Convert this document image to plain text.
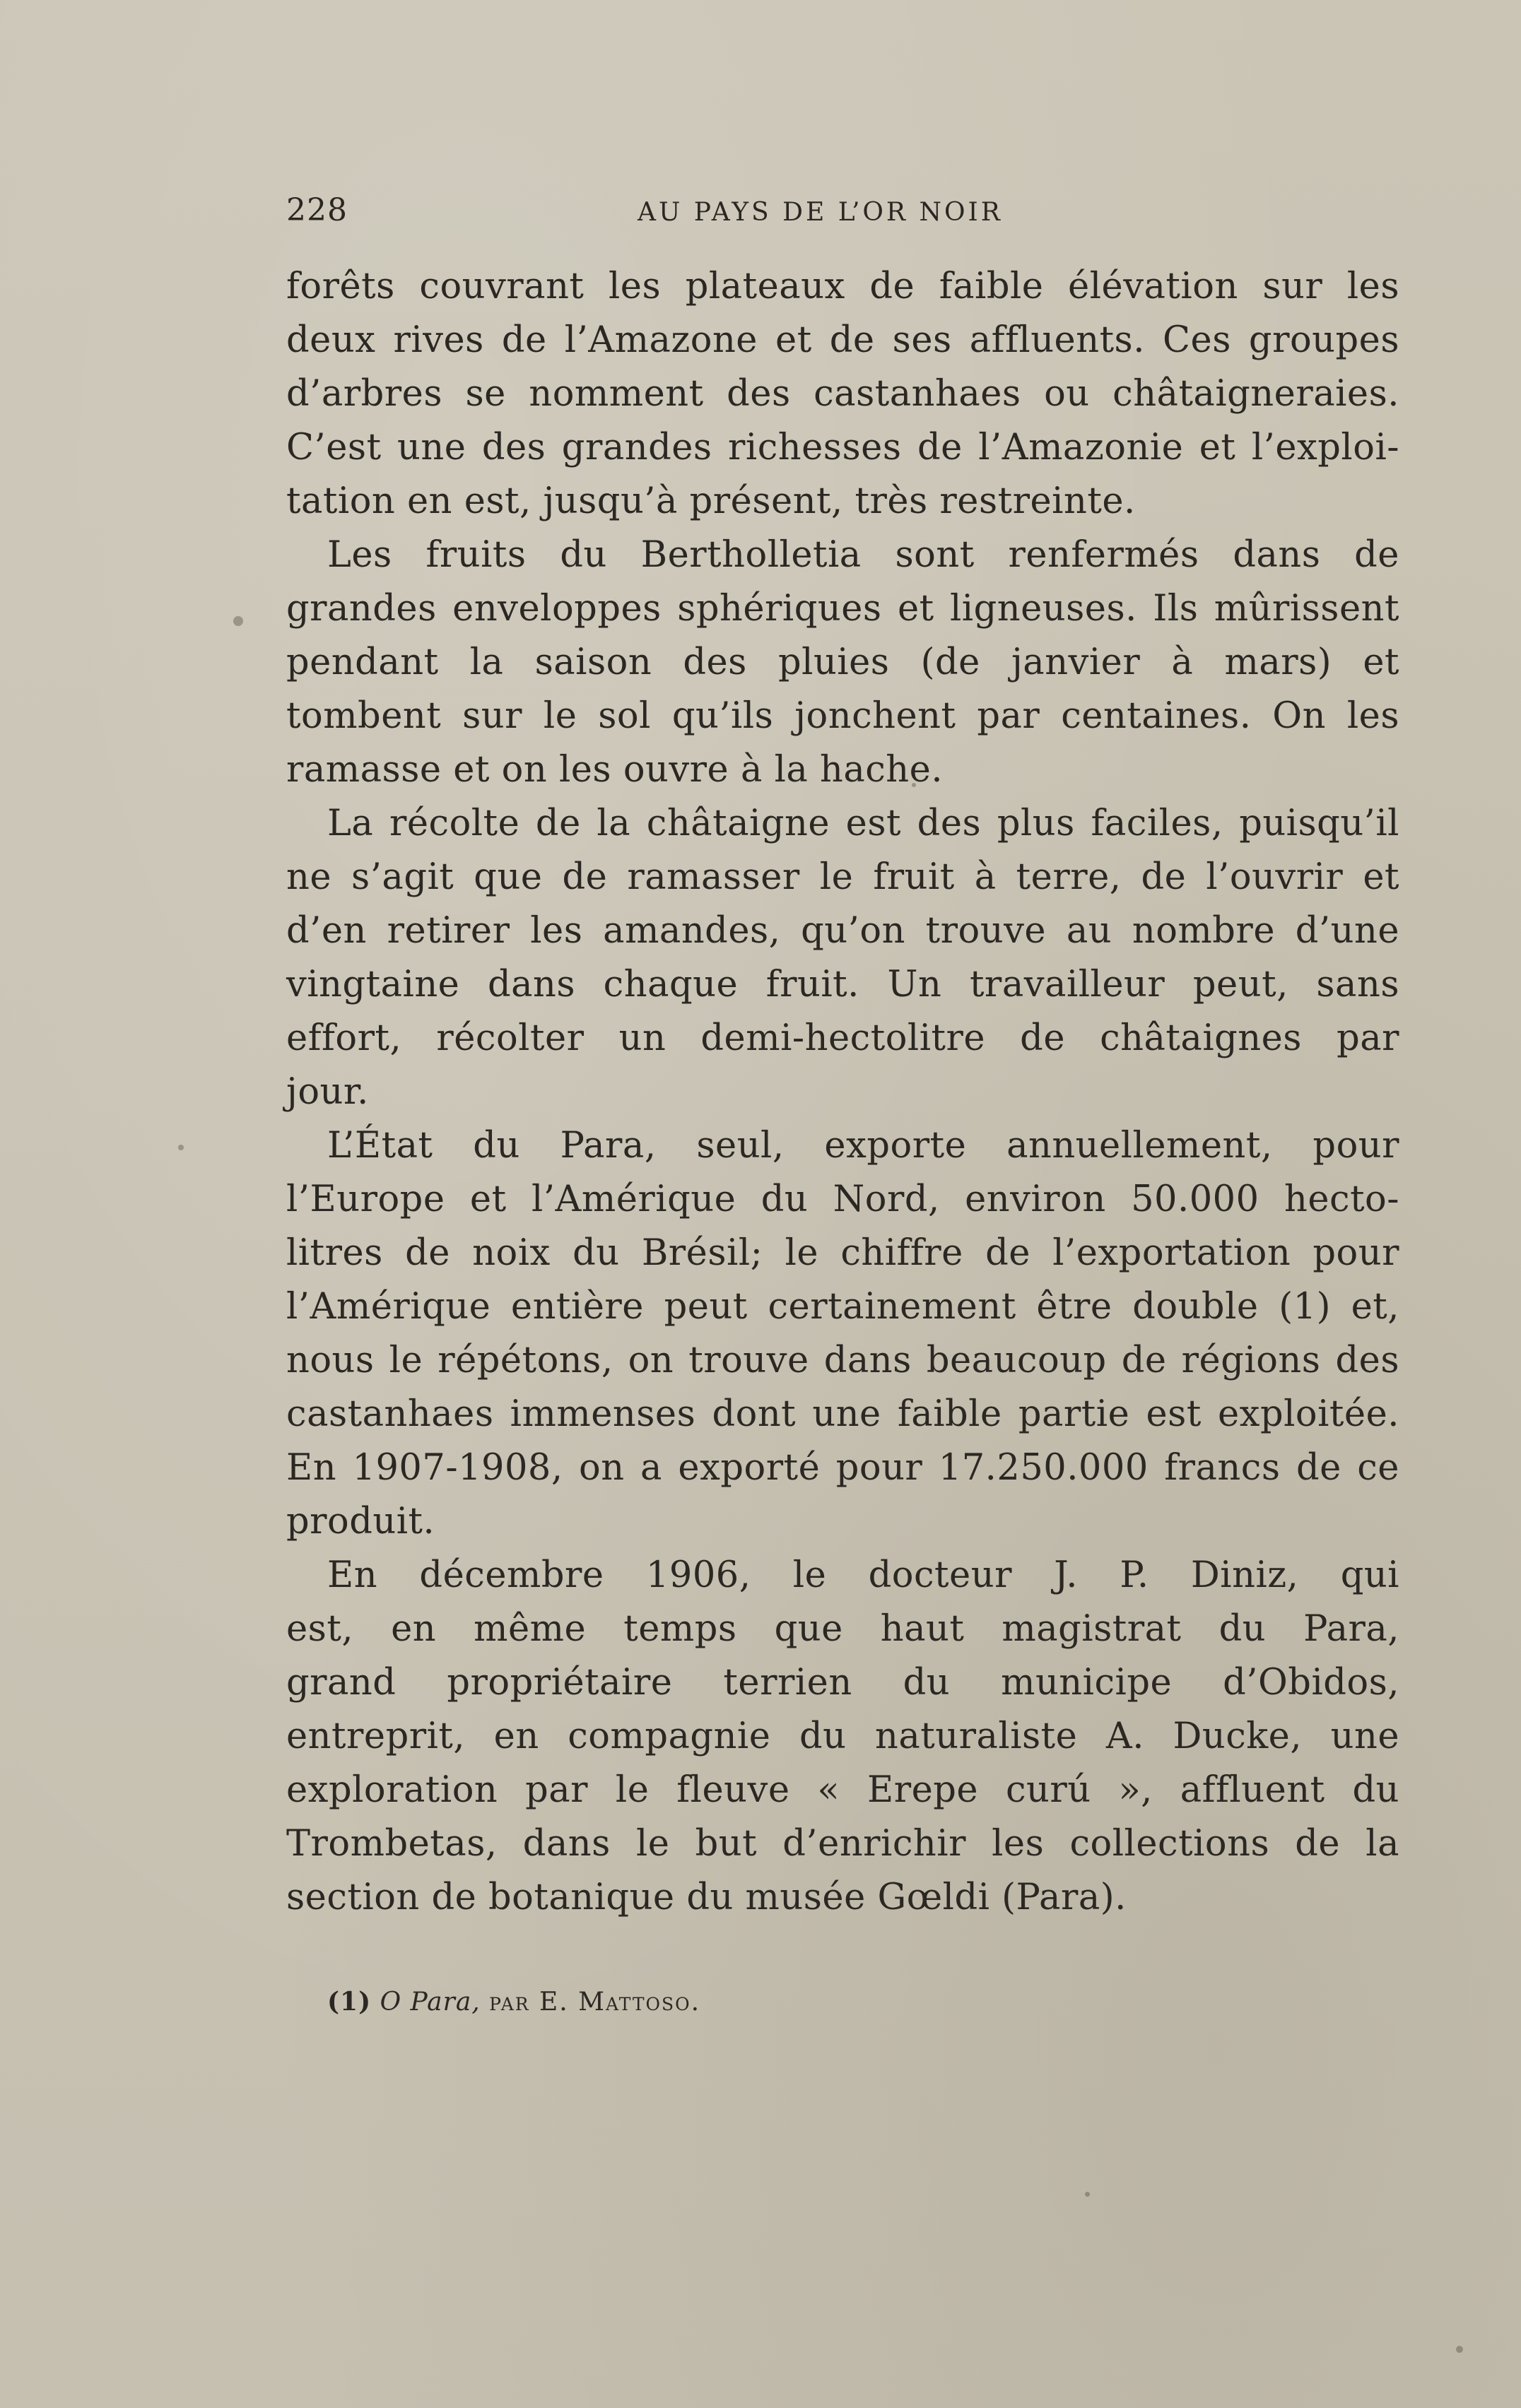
228	AU PAYS DE L’OR NOIR
forêts couvrant les plateaux de faible élévation sur les
deux rives de l’Amazone et de ses affluents. Ces groupes
d’arbres se nomment des castanhaes ou châtaigneraies.
C’est une des grandes richesses de l’Amazonie et l’exploi-
tation en est, jusqu’à présent, très restreinte.
Les fruits du Bertholletia sont renfermés dans de
grandes enveloppes sphériques et ligneuses. Ils mûrissent
pendant la saison des pluies (de janvier à mars) et
tombent sur le sol qu’ils jonchent par centaines. On les
ramasse et on les ouvre à la hache.
La récolte de la châtaigne est des plus faciles, puisqu’il
ne s’agit que de ramasser le fruit à terre, de l’ouvrir et
d’en retirer les amandes, qu’on trouve au nombre d’une
vingtaine dans chaque fruit. Un travailleur peut, sans
effort, récolter un demi-hectolitre de châtaignes par
jour.
L’État du Para, seul, exporte annuellement, pour
l’Europe et l’Amérique du Nord, environ 50.000 hecto-
litres de noix du Brésil; le chiffre de l’exportation pour
l’Amérique entière peut certainement être double (1) et,
nous le répétons, on trouve dans beaucoup de régions des
castanhaes immenses dont une faible partie est exploitée.
En 1907-1908, on a exporté pour 17.250.000 francs de ce
produit.
En décembre 1906, le docteur J. P. Diniz, qui
est, en même temps que haut magistrat du Para,
grand propriétaire terrien du municipe d’Obidos,
entreprit, en compagnie du naturaliste A. Ducke, une
exploration par le fleuve « Erepe curú », affluent du
Trombetas, dans le but d’enrichir les collections de la
section de botanique du musée Gœldi (Para).
(1) O Para, par E. Mattoso.
